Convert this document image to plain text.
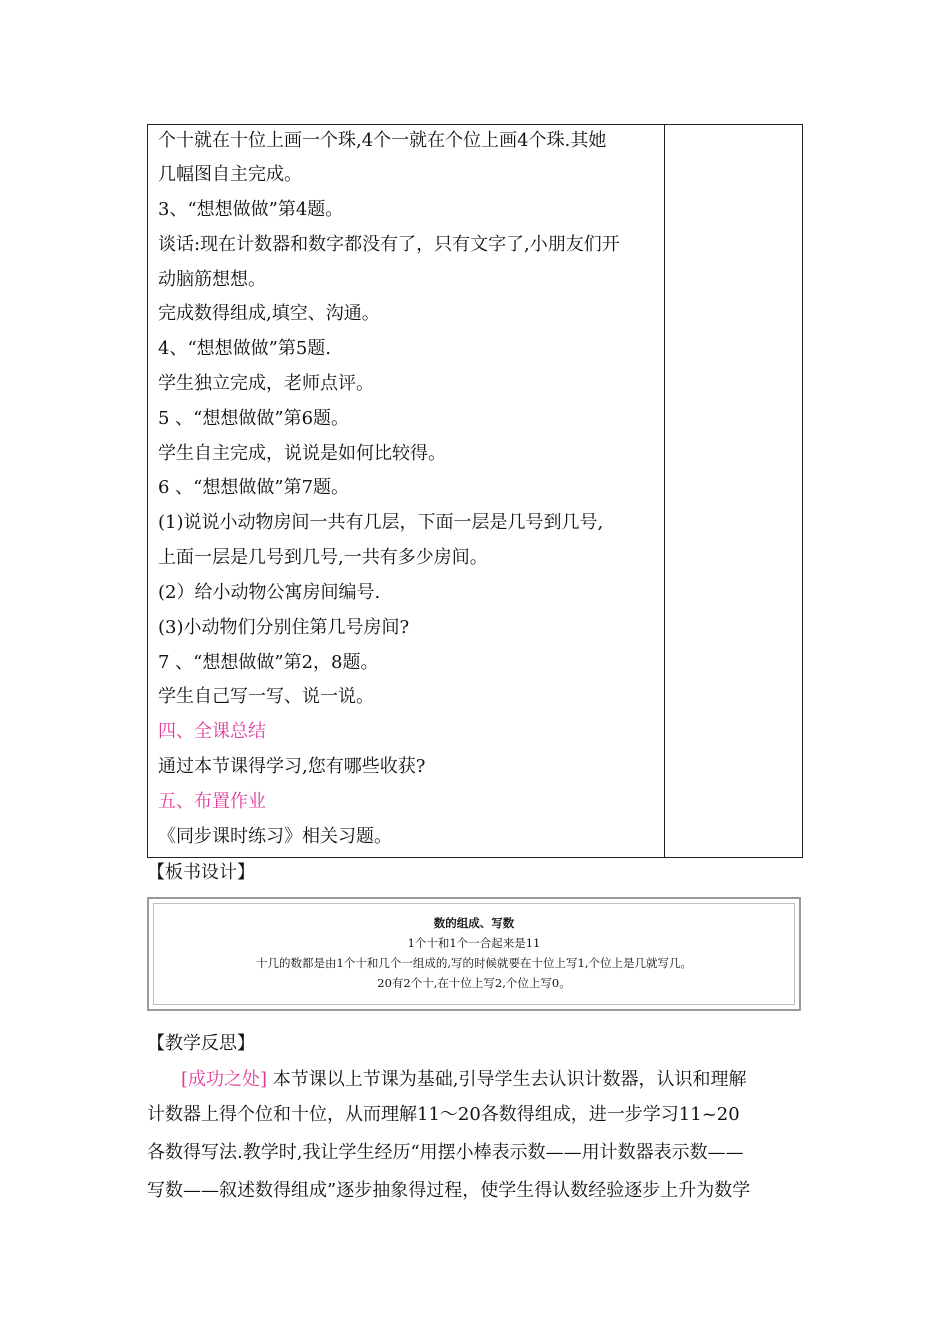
个十就在十位上画一个珠,4个一就在个位上画4个珠.其她
几幅图自主完成。
3、“想想做做”第4题。
谈话:现在计数器和数字都没有了，只有文字了,小朋友们开
动脑筋想想。
完成数得组成,填空、沟通。
4、“想想做做”第5题.
学生独立完成，老师点评。
5 、“想想做做”第6题。
学生自主完成，说说是如何比较得。
6 、“想想做做”第7题。
(1)说说小动物房间一共有几层，下面一层是几号到几号,
上面一层是几号到几号,一共有多少房间。
(2）给小动物公寓房间编号.
(3)小动物们分别住第几号房间?
7 、“想想做做”第2，8题。
学生自己写一写、说一说。
四、全课总结
通过本节课得学习,您有哪些收获?
五、布置作业
《同步课时练习》相关习题。
【板书设计】
数的组成、写数
1个十和1个一合起来是11
十几的数都是由1个十和几个一组成的,写的时候就要在十位上写1,个位上是几就写几。
20有2个十,在十位上写2,个位上写0。
【教学反思】
[成功之处] 本节课以上节课为基础,引导学生去认识计数器，认识和理解
计数器上得个位和十位，从而理解11～20各数得组成，进一步学习11~20
各数得写法.教学时,我让学生经历“用摆小棒表示数——用计数器表示数——
写数——叙述数得组成”逐步抽象得过程，使学生得认数经验逐步上升为数学
